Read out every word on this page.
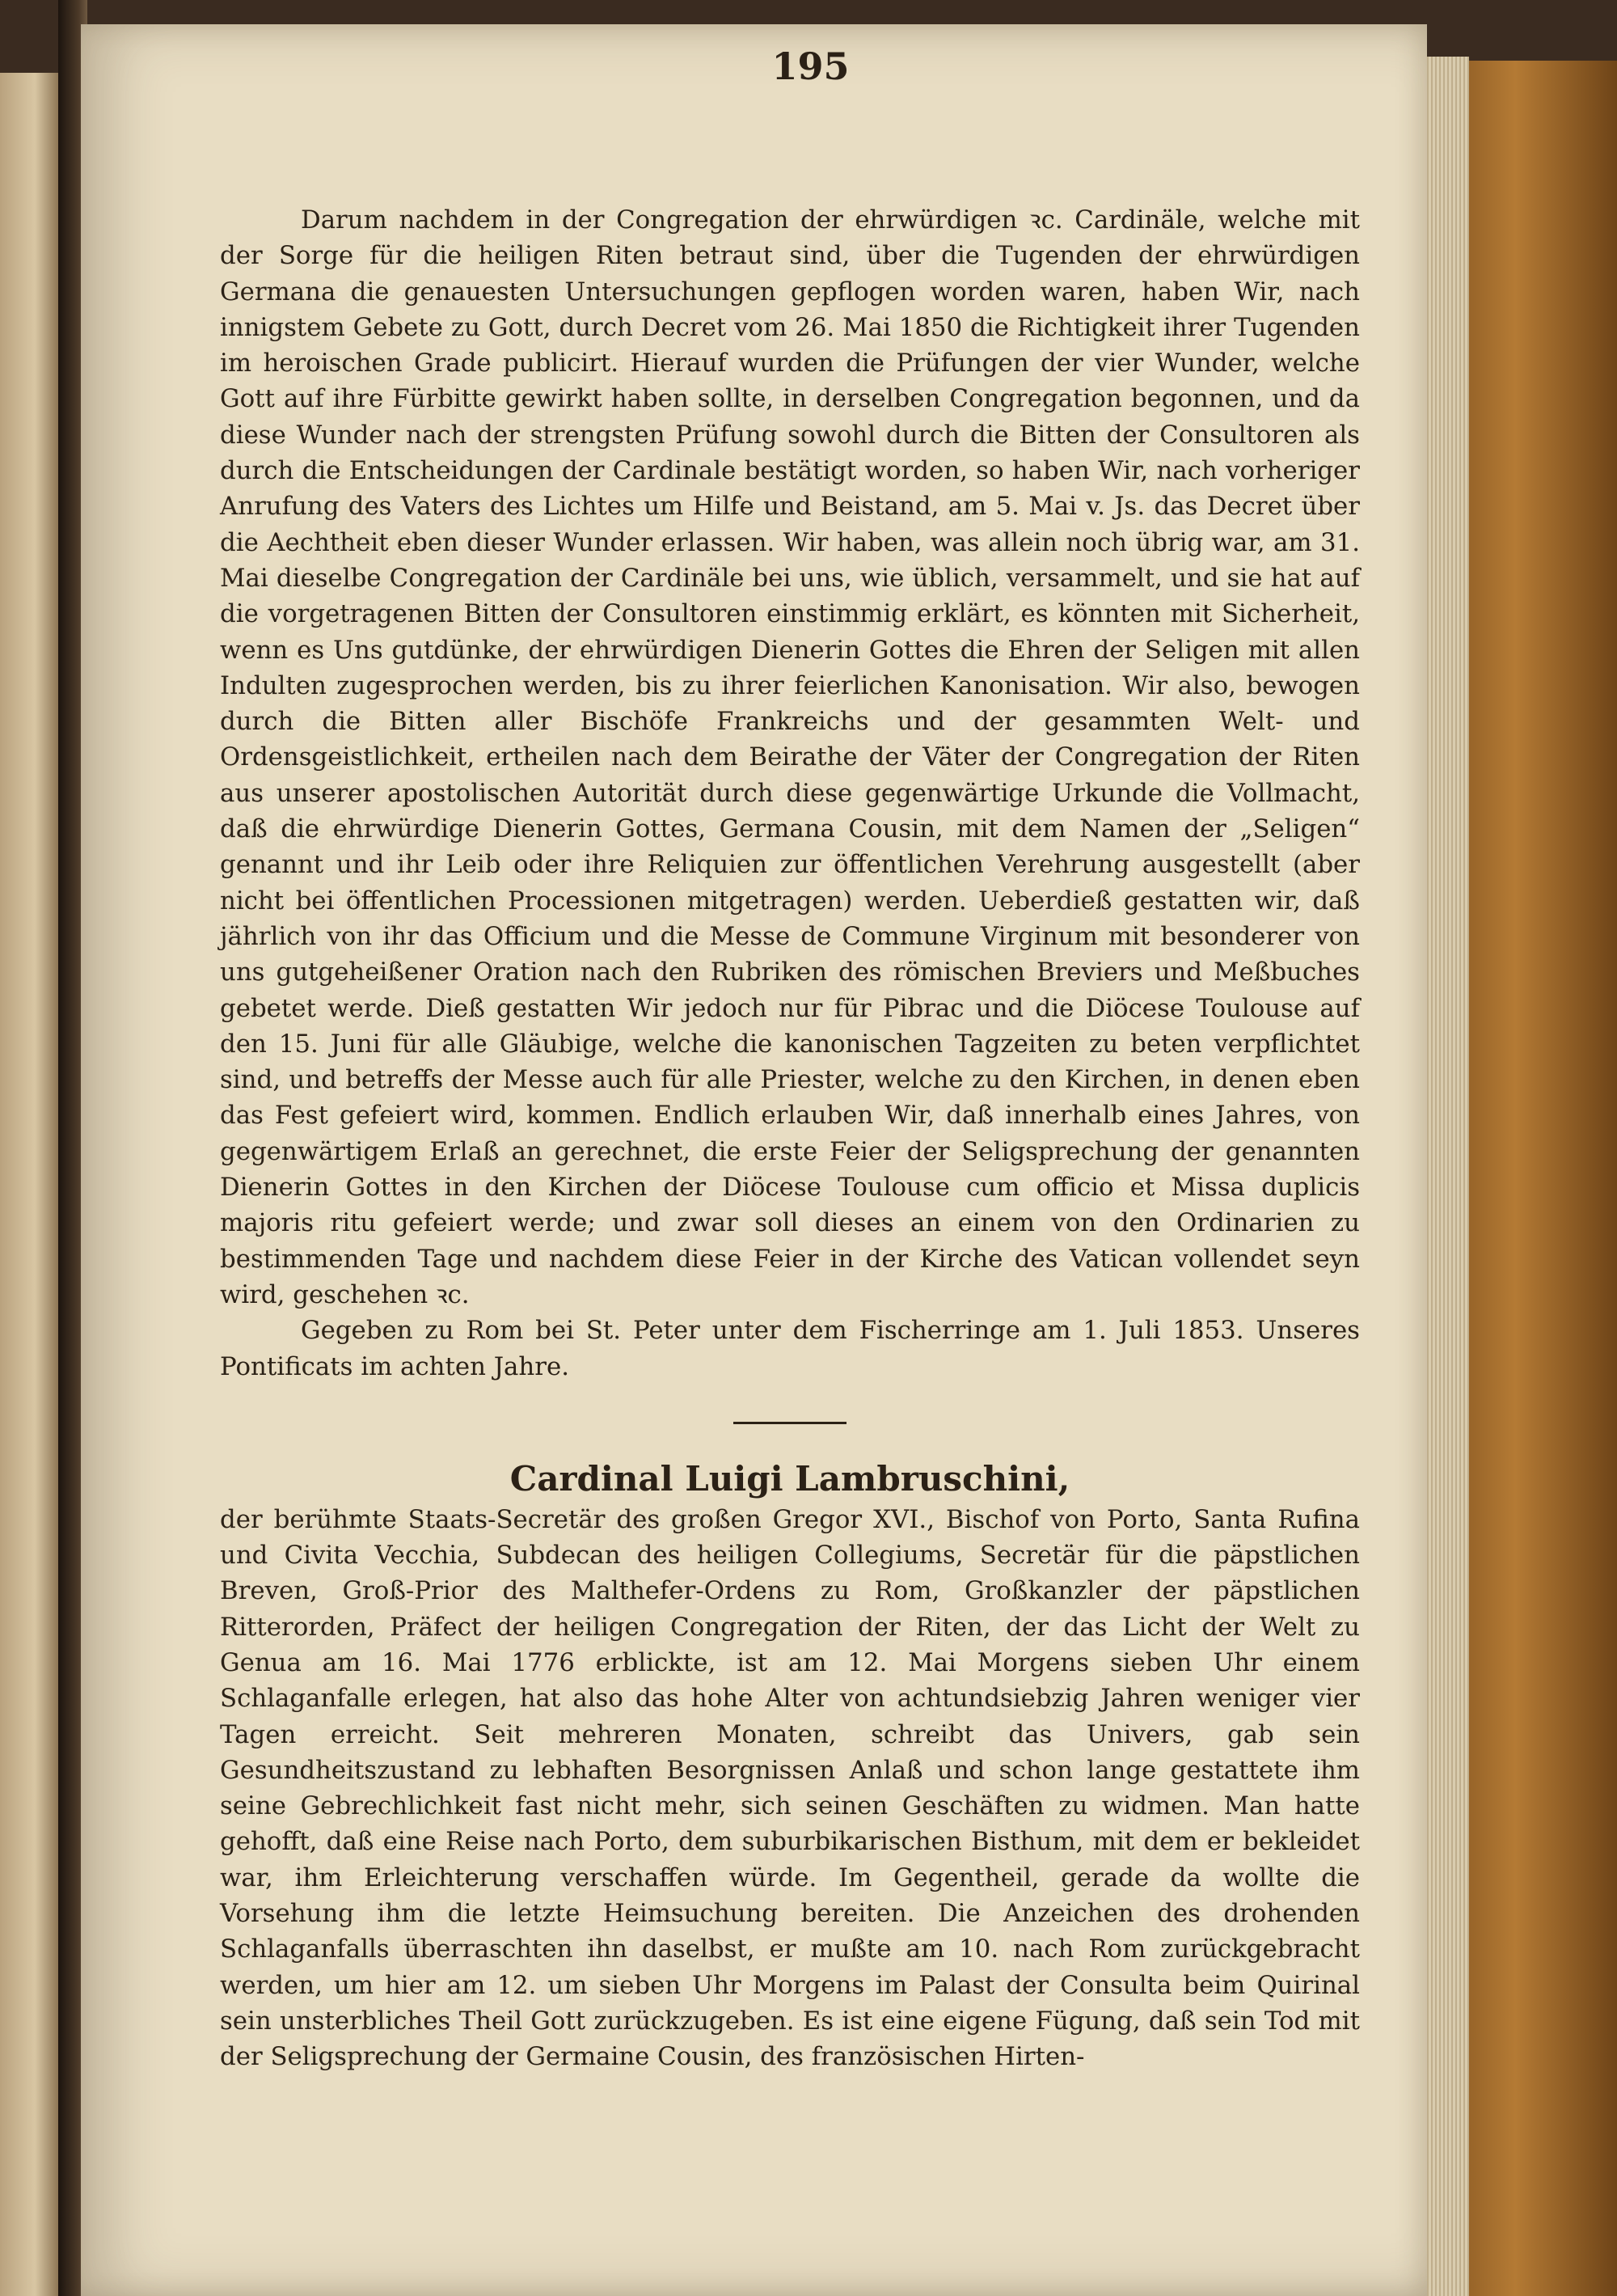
195

Darum nachdem in der Congregation der ehrwürdigen ꝛc. Cardinäle, welche mit der Sorge für die heiligen Riten betraut sind, über die Tugenden der ehrwürdigen Germana die genauesten Untersuchungen gepflogen worden waren, haben Wir, nach innigstem Gebete zu Gott, durch Decret vom 26. Mai 1850 die Richtigkeit ihrer Tugenden im heroischen Grade publicirt. Hierauf wurden die Prüfungen der vier Wunder, welche Gott auf ihre Fürbitte gewirkt haben sollte, in derselben Congregation begonnen, und da diese Wunder nach der strengsten Prüfung sowohl durch die Bitten der Consultoren als durch die Entscheidungen der Cardinale bestätigt worden, so haben Wir, nach vorheriger Anrufung des Vaters des Lichtes um Hilfe und Beistand, am 5. Mai v. Js. das Decret über die Aechtheit eben dieser Wunder erlassen. Wir haben, was allein noch übrig war, am 31. Mai dieselbe Congregation der Cardinäle bei uns, wie üblich, versammelt, und sie hat auf die vorgetragenen Bitten der Consultoren einstimmig erklärt, es könnten mit Sicherheit, wenn es Uns gutdünke, der ehrwürdigen Dienerin Gottes die Ehren der Seligen mit allen Indulten zugesprochen werden, bis zu ihrer feierlichen Kanonisation. Wir also, bewogen durch die Bitten aller Bischöfe Frankreichs und der gesammten Welt- und Ordensgeistlichkeit, ertheilen nach dem Beirathe der Väter der Congregation der Riten aus unserer apostolischen Autorität durch diese gegenwärtige Urkunde die Vollmacht, daß die ehrwürdige Dienerin Gottes, Germana Cousin, mit dem Namen der „Seligen“ genannt und ihr Leib oder ihre Reliquien zur öffentlichen Verehrung ausgestellt (aber nicht bei öffentlichen Processionen mitgetragen) werden. Ueberdieß gestatten wir, daß jährlich von ihr das Officium und die Messe de Commune Virginum mit besonderer von uns gutgeheißener Oration nach den Rubriken des römischen Breviers und Meßbuches gebetet werde. Dieß gestatten Wir jedoch nur für Pibrac und die Diöcese Toulouse auf den 15. Juni für alle Gläubige, welche die kanonischen Tagzeiten zu beten verpflichtet sind, und betreffs der Messe auch für alle Priester, welche zu den Kirchen, in denen eben das Fest gefeiert wird, kommen. Endlich erlauben Wir, daß innerhalb eines Jahres, von gegenwärtigem Erlaß an gerechnet, die erste Feier der Seligsprechung der genannten Dienerin Gottes in den Kirchen der Diöcese Toulouse cum officio et Missa duplicis majoris ritu gefeiert werde; und zwar soll dieses an einem von den Ordinarien zu bestimmenden Tage und nachdem diese Feier in der Kirche des Vatican vollendet seyn wird, geschehen ꝛc.

Gegeben zu Rom bei St. Peter unter dem Fischerringe am 1. Juli 1853. Unseres Pontificats im achten Jahre.

Cardinal Luigi Lambruschini,

der berühmte Staats-Secretär des großen Gregor XVI., Bischof von Porto, Santa Rufina und Civita Vecchia, Subdecan des heiligen Collegiums, Secretär für die päpstlichen Breven, Groß-Prior des Malthefer-Ordens zu Rom, Großkanzler der päpstlichen Ritterorden, Präfect der heiligen Congregation der Riten, der das Licht der Welt zu Genua am 16. Mai 1776 erblickte, ist am 12. Mai Morgens sieben Uhr einem Schlaganfalle erlegen, hat also das hohe Alter von achtundsiebzig Jahren weniger vier Tagen erreicht. Seit mehreren Monaten, schreibt das Univers, gab sein Gesundheitszustand zu lebhaften Besorgnissen Anlaß und schon lange gestattete ihm seine Gebrechlichkeit fast nicht mehr, sich seinen Geschäften zu widmen. Man hatte gehofft, daß eine Reise nach Porto, dem suburbikarischen Bisthum, mit dem er bekleidet war, ihm Erleichterung verschaffen würde. Im Gegentheil, gerade da wollte die Vorsehung ihm die letzte Heimsuchung bereiten. Die Anzeichen des drohenden Schlaganfalls überraschten ihn daselbst, er mußte am 10. nach Rom zurückgebracht werden, um hier am 12. um sieben Uhr Morgens im Palast der Consulta beim Quirinal sein unsterbliches Theil Gott zurückzugeben. Es ist eine eigene Fügung, daß sein Tod mit der Seligsprechung der Germaine Cousin, des französischen Hirten-
